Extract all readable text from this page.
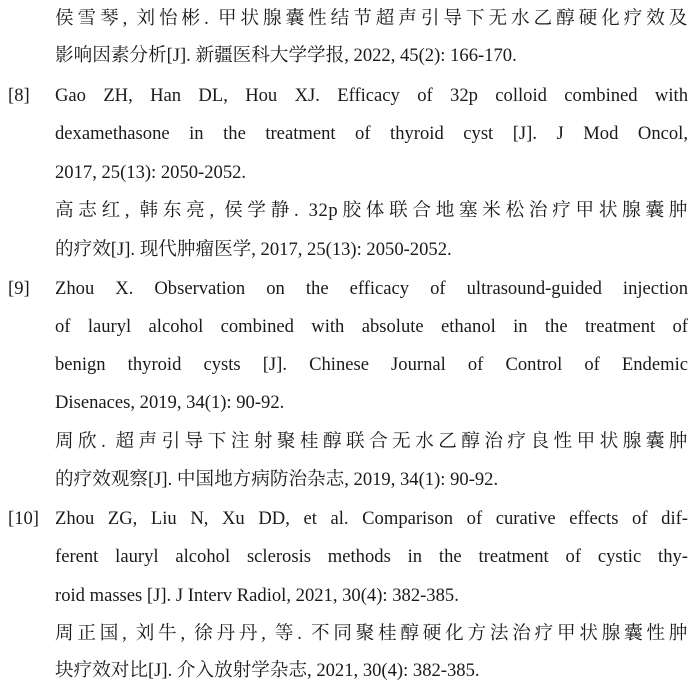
侯雪琴, 刘怡彬. 甲状腺囊性结节超声引导下无水乙醇硬化疗效及
影响因素分析[J]. 新疆医科大学学报, 2022, 45(2): 166-170.
[8] Gao ZH, Han DL, Hou XJ. Efficacy of 32p colloid combined with
dexamethasone in the treatment of thyroid cyst [J]. J Mod Oncol,
2017, 25(13): 2050-2052.
高志红, 韩东亮, 侯学静. 32p胶体联合地塞米松治疗甲状腺囊肿
的疗效[J]. 现代肿瘤医学, 2017, 25(13): 2050-2052.
[9] Zhou X. Observation on the efficacy of ultrasound-guided injection
of lauryl alcohol combined with absolute ethanol in the treatment of
benign thyroid cysts [J]. Chinese Journal of Control of Endemic
Disenaces, 2019, 34(1): 90-92.
周欣. 超声引导下注射聚桂醇联合无水乙醇治疗良性甲状腺囊肿
的疗效观察[J]. 中国地方病防治杂志, 2019, 34(1): 90-92.
[10] Zhou ZG, Liu N, Xu DD, et al. Comparison of curative effects of dif-
ferent lauryl alcohol sclerosis methods in the treatment of cystic thy-
roid masses [J]. J Interv Radiol, 2021, 30(4): 382-385.
周正国, 刘牛, 徐丹丹, 等. 不同聚桂醇硬化方法治疗甲状腺囊性肿
块疗效对比[J]. 介入放射学杂志, 2021, 30(4): 382-385.
